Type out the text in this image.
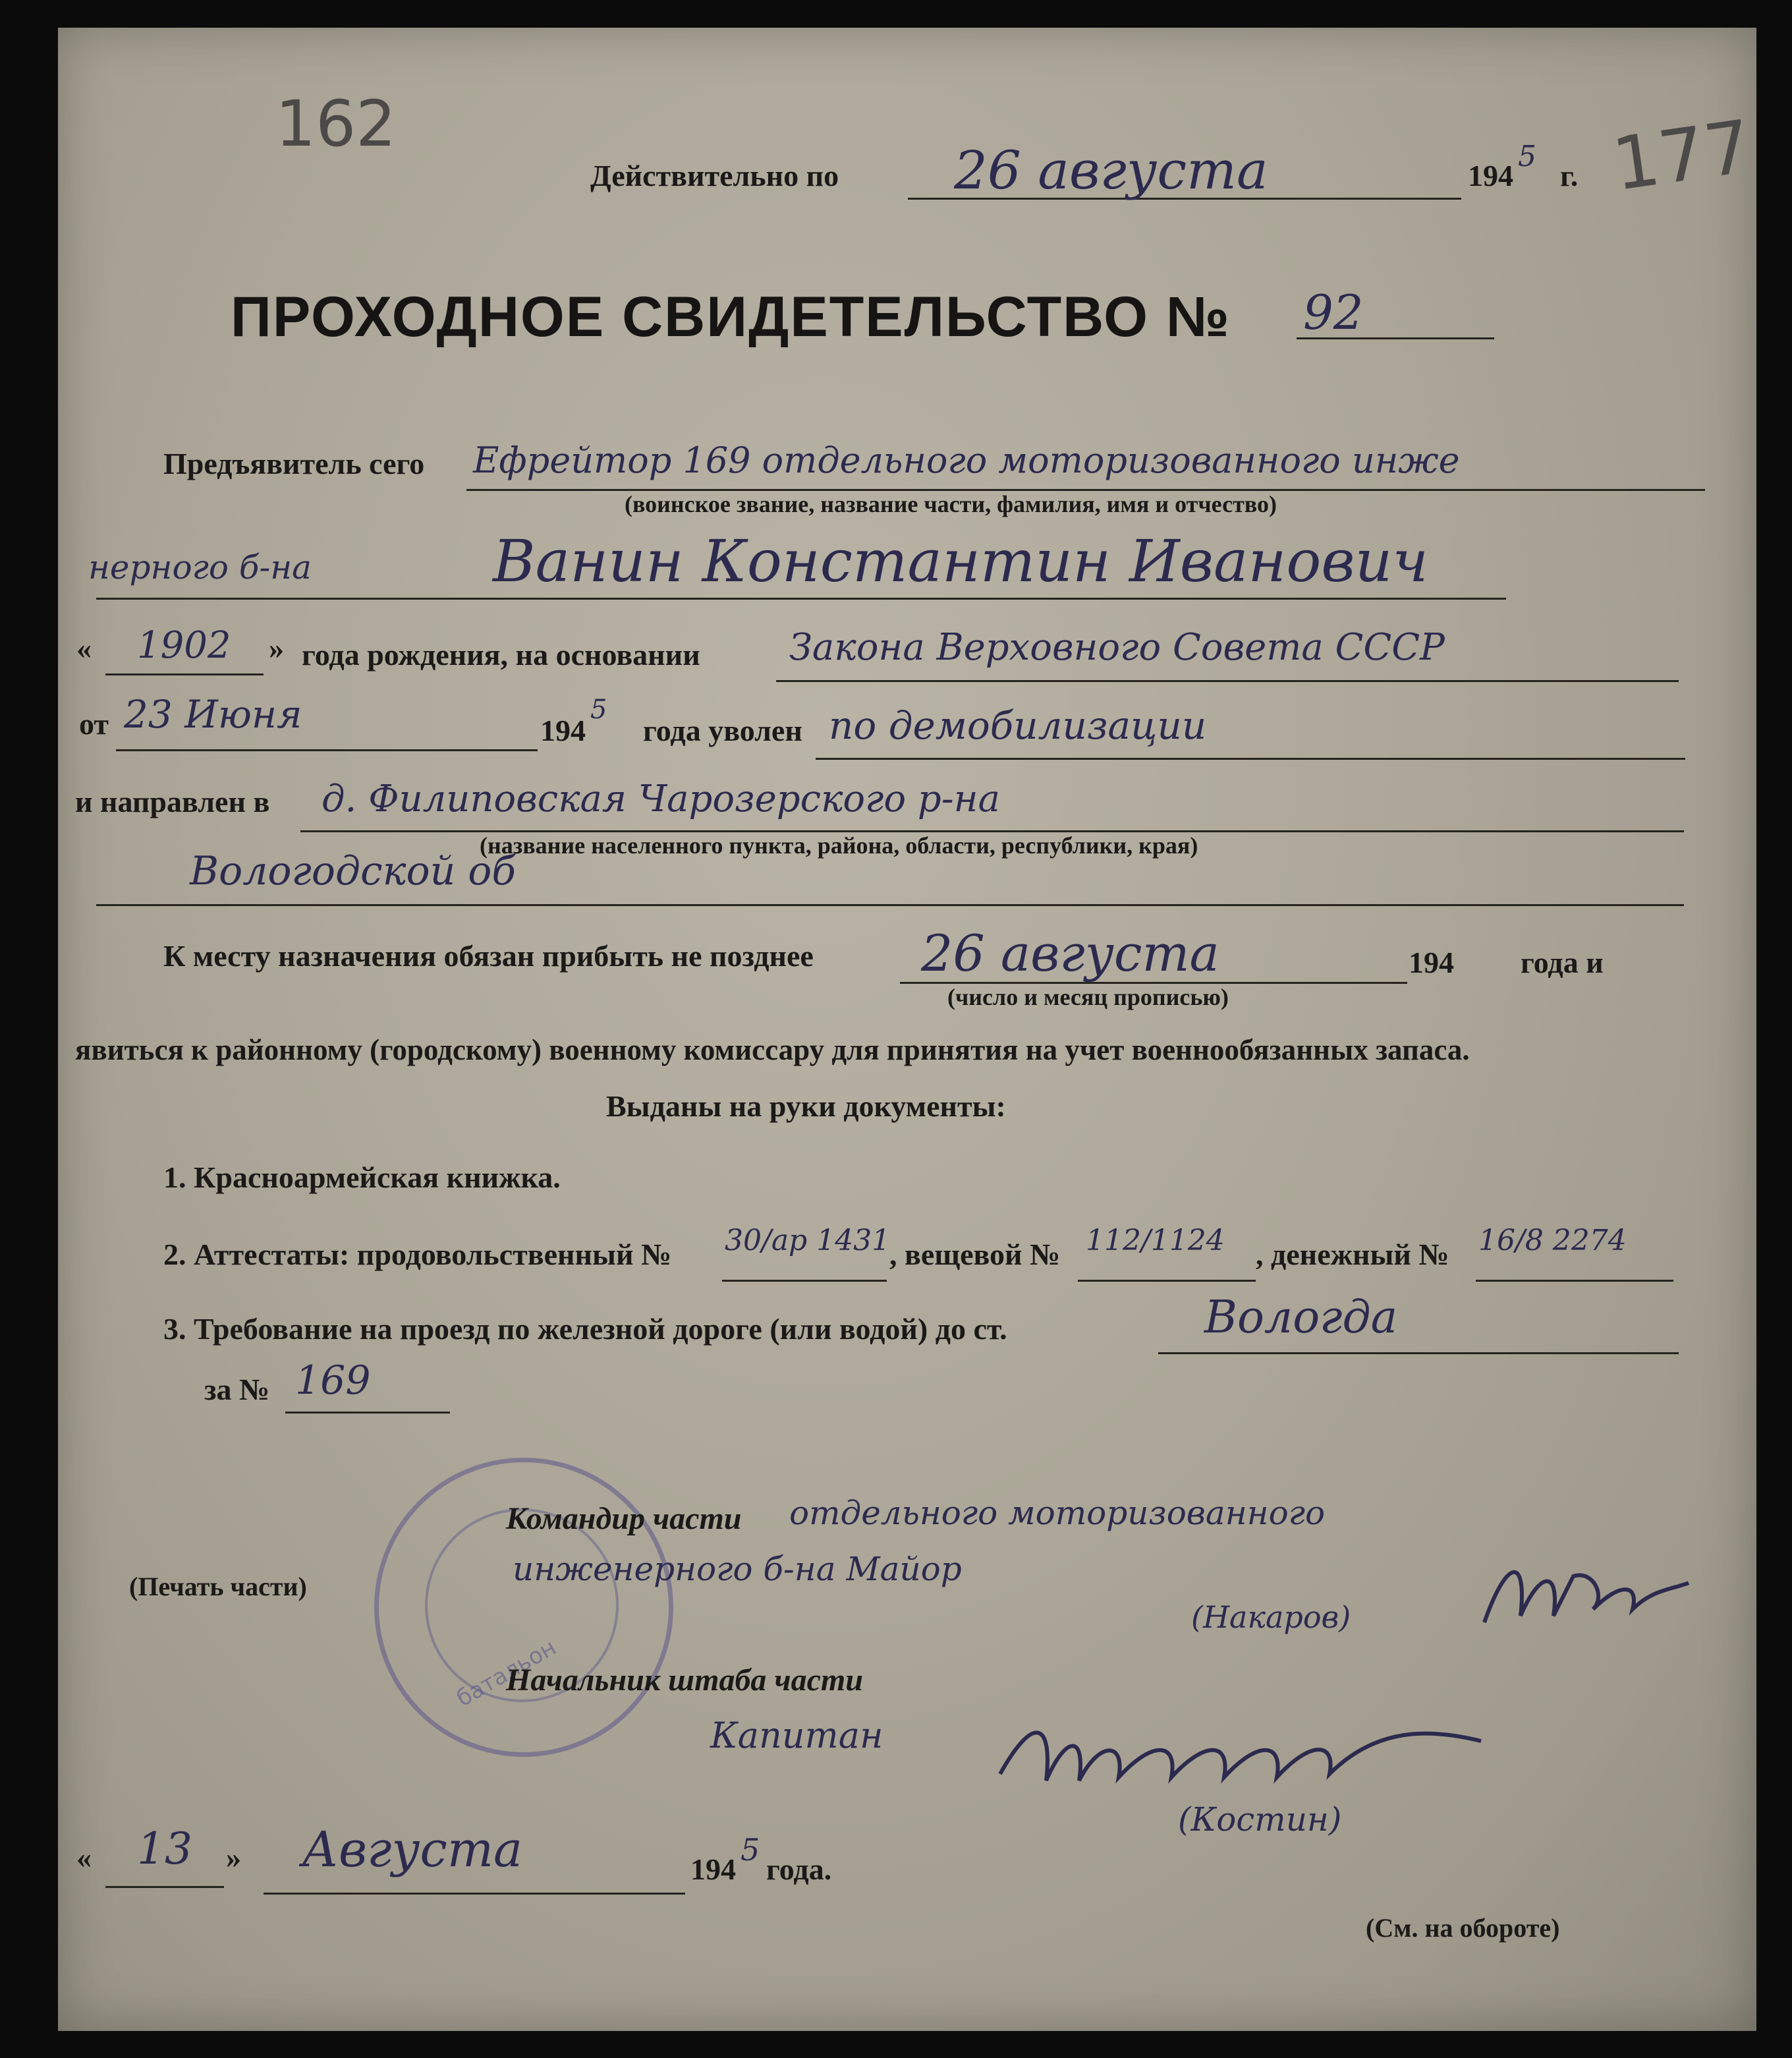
162	177
Действительно по 26 августа	194
5
г.
ПРОХОДНОЕ СВИДЕТЕЛЬСТВО № 92
Предъявитель сего Ефрейтор 169 отдельного моторизованного инже
(воинское звание, название части, фамилия, имя и отчество)
нерного б-на	Ванин Константин Иванович
« 1902 » года рождения, на основании Закона Верховного Совета СССР
от 23 Июня	194
5
года уволен по демобилизации
и направлен в д. Филиповская Чарозерского р-на
(название населенного пункта, района, области, республики, края)
Вологодской об
К месту назначения обязан прибыть не позднее 26 августа	194 года и
(число и месяц прописью)
явиться к районному (городскому) военному комиссару для принятия на учет военнообязанных запаса.
Выданы на руки документы:
1. Красноармейская книжка.
2. Аттестаты: продовольственный № 30/ар 1431
, вещевой № 112/1124 , денежный № 16/8 2274
3. Требование на проезд по железной дороге (или водой) до ст.	Вологда
за № 169
батальон
(Печать части)
Командир части отдельного моторизованного
инженерного б-на Майор
(Накаров)
Начальник штаба части
Капитан
(Костин)
« 13 » Августа	194
5
года.
(См. на обороте)
